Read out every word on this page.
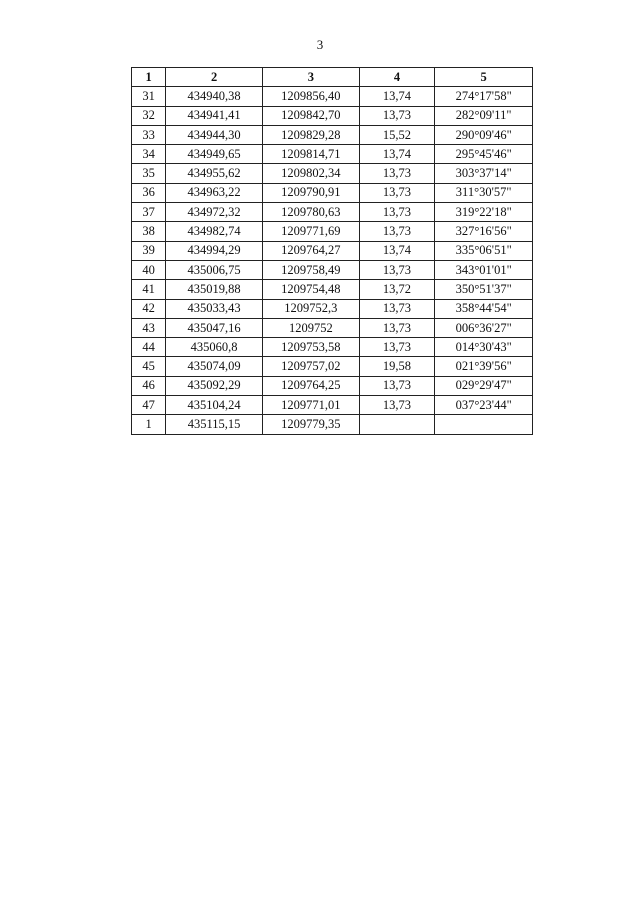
3
1	2	3	4	5
31	434940,38	1209856,40	13,74	274°17'58"
32	434941,41	1209842,70	13,73	282°09'11"
33	434944,30	1209829,28	15,52	290°09'46"
34	434949,65	1209814,71	13,74	295°45'46"
35	434955,62	1209802,34	13,73	303°37'14"
36	434963,22	1209790,91	13,73	311°30'57"
37	434972,32	1209780,63	13,73	319°22'18"
38	434982,74	1209771,69	13,73	327°16'56"
39	434994,29	1209764,27	13,74	335°06'51"
40	435006,75	1209758,49	13,73	343°01'01"
41	435019,88	1209754,48	13,72	350°51'37"
42	435033,43	1209752,3	13,73	358°44'54"
43	435047,16	1209752	13,73	006°36'27"
44	435060,8	1209753,58	13,73	014°30'43"
45	435074,09	1209757,02	19,58	021°39'56"
46	435092,29	1209764,25	13,73	029°29'47"
47	435104,24	1209771,01	13,73	037°23'44"
1	435115,15	1209779,35		
